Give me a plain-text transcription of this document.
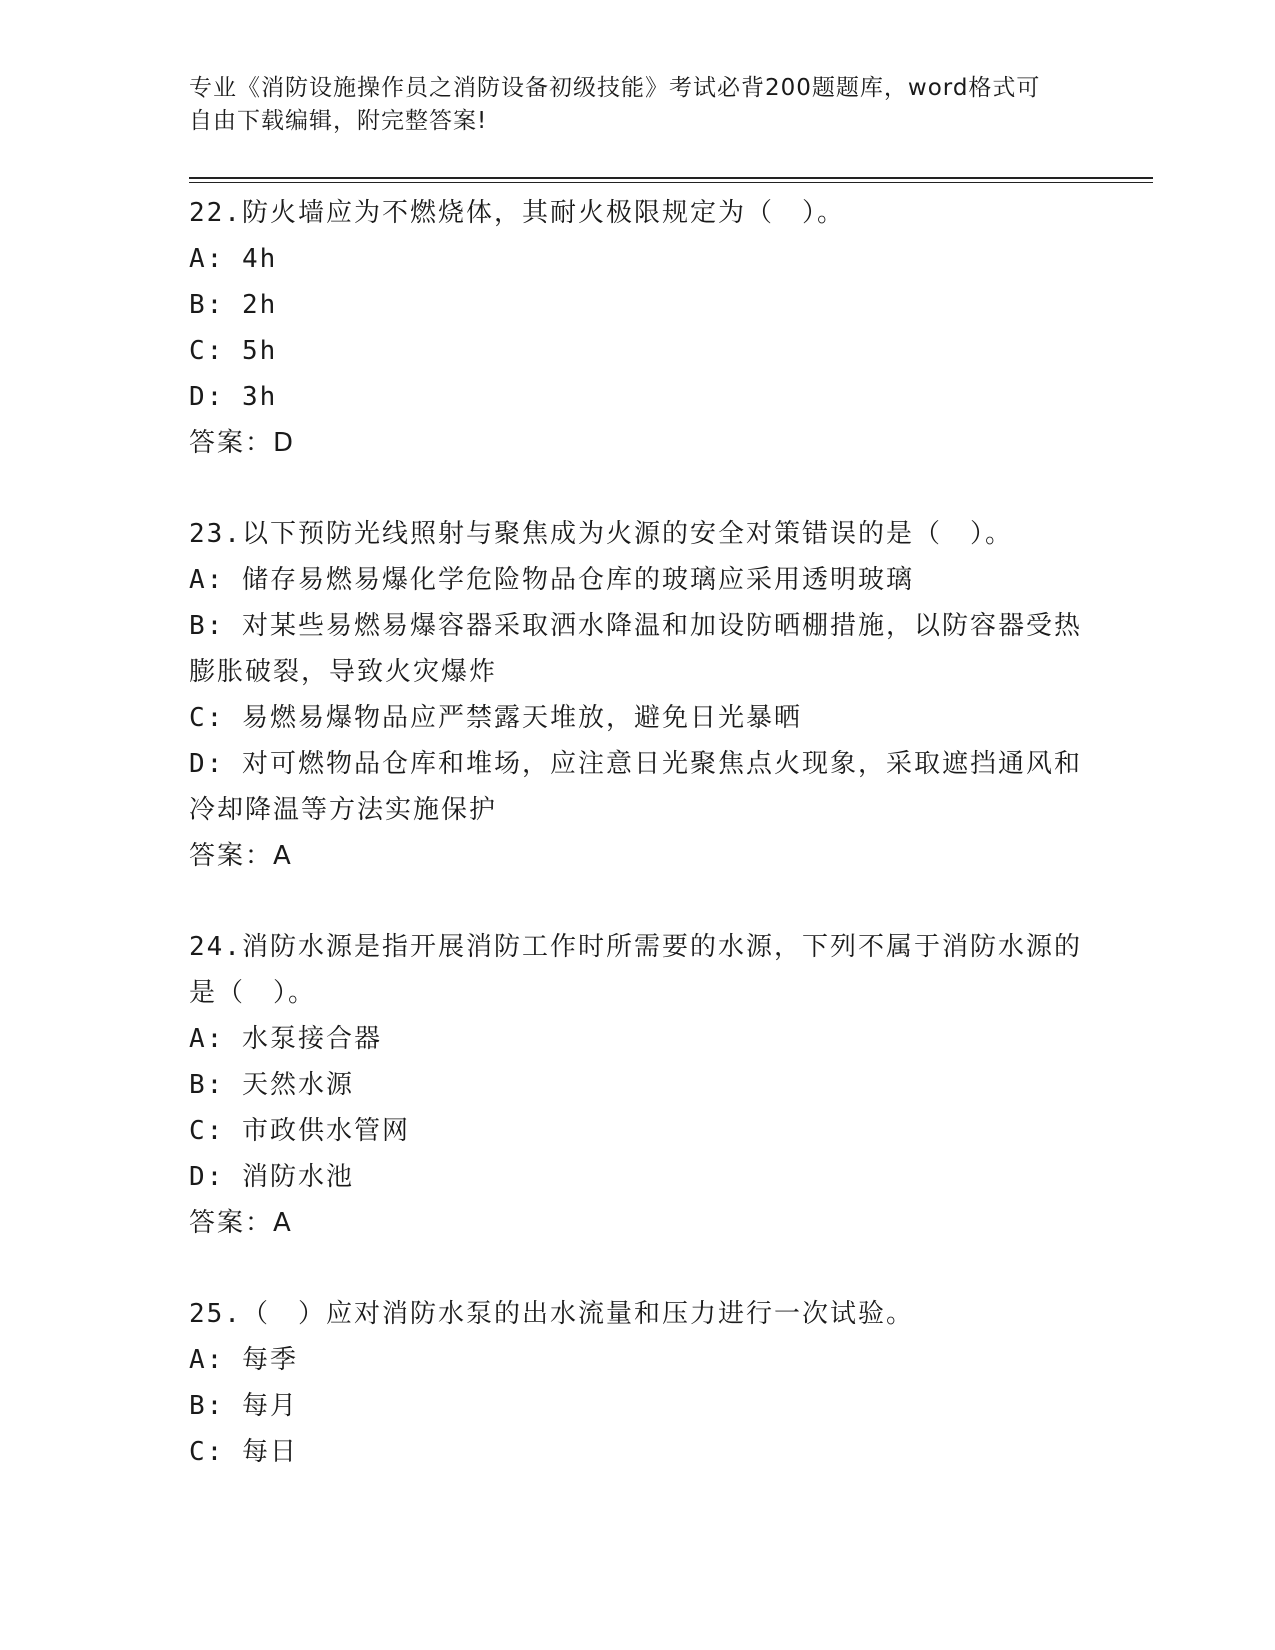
专业《消防设施操作员之消防设备初级技能》考试必背200题题库，word格式可
自由下载编辑，附完整答案!
22.防火墙应为不燃烧体，其耐火极限规定为（　）。
A: 4h
B: 2h
C: 5h
D: 3h
答案：D
23.以下预防光线照射与聚焦成为火源的安全对策错误的是（　）。
A: 储存易燃易爆化学危险物品仓库的玻璃应采用透明玻璃
B: 对某些易燃易爆容器采取洒水降温和加设防晒棚措施，以防容器受热膨胀破裂，导致火灾爆炸
C: 易燃易爆物品应严禁露天堆放，避免日光暴晒
D: 对可燃物品仓库和堆场，应注意日光聚焦点火现象，采取遮挡通风和冷却降温等方法实施保护
答案：A
24.消防水源是指开展消防工作时所需要的水源，下列不属于消防水源的是（　）。
A: 水泵接合器
B: 天然水源
C: 市政供水管网
D: 消防水池
答案：A
25.（　）应对消防水泵的出水流量和压力进行一次试验。
A: 每季
B: 每月
C: 每日
